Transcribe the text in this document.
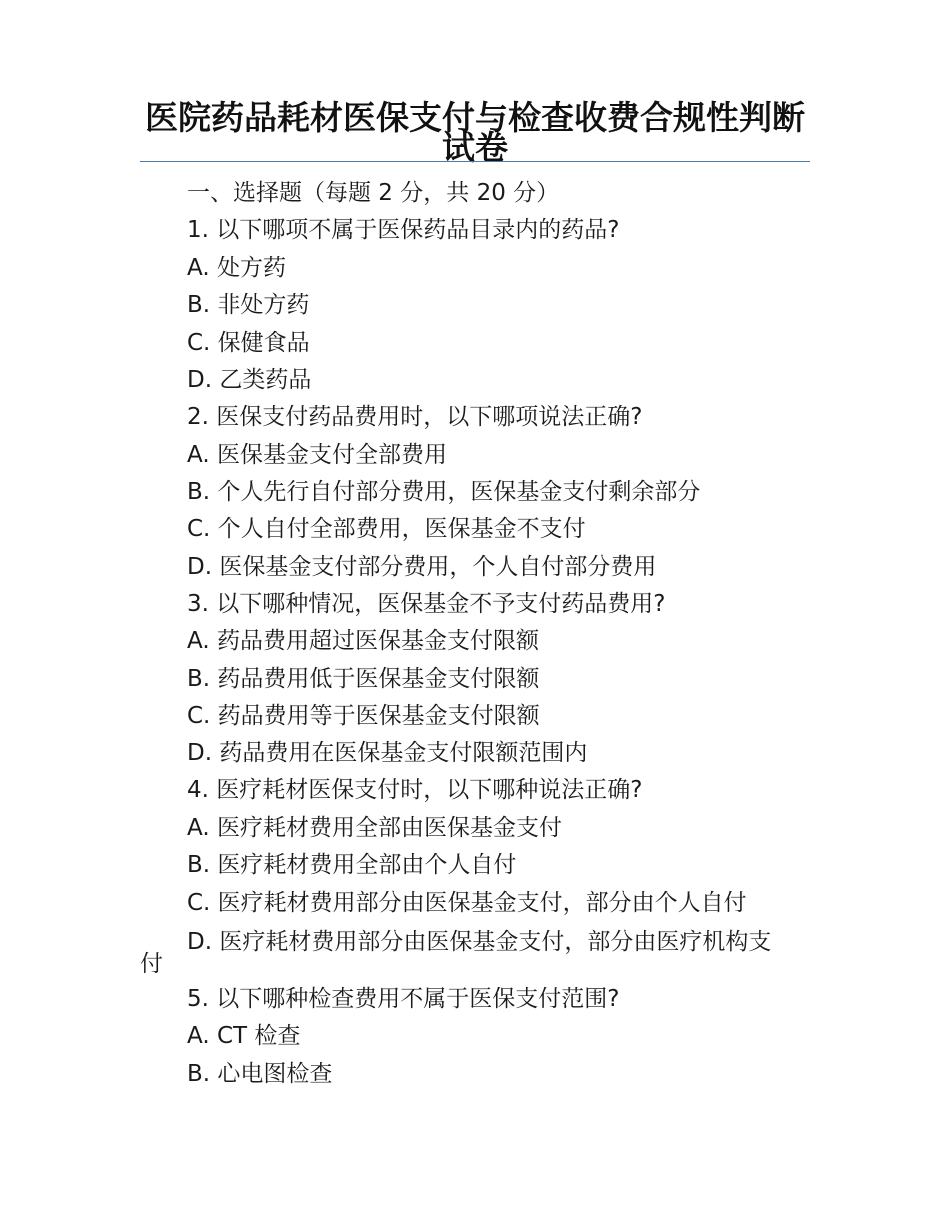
医院药品耗材医保支付与检查收费合规性判断试卷
一、选择题（每题 2 分，共 20 分）
1. 以下哪项不属于医保药品目录内的药品?
A. 处方药
B. 非处方药
C. 保健食品
D. 乙类药品
2. 医保支付药品费用时，以下哪项说法正确?
A. 医保基金支付全部费用
B. 个人先行自付部分费用，医保基金支付剩余部分
C. 个人自付全部费用，医保基金不支付
D. 医保基金支付部分费用，个人自付部分费用
3. 以下哪种情况，医保基金不予支付药品费用?
A. 药品费用超过医保基金支付限额
B. 药品费用低于医保基金支付限额
C. 药品费用等于医保基金支付限额
D. 药品费用在医保基金支付限额范围内
4. 医疗耗材医保支付时，以下哪种说法正确?
A. 医疗耗材费用全部由医保基金支付
B. 医疗耗材费用全部由个人自付
C. 医疗耗材费用部分由医保基金支付，部分由个人自付
D. 医疗耗材费用部分由医保基金支付，部分由医疗机构支付
5. 以下哪种检查费用不属于医保支付范围?
A. CT 检查
B. 心电图检查
